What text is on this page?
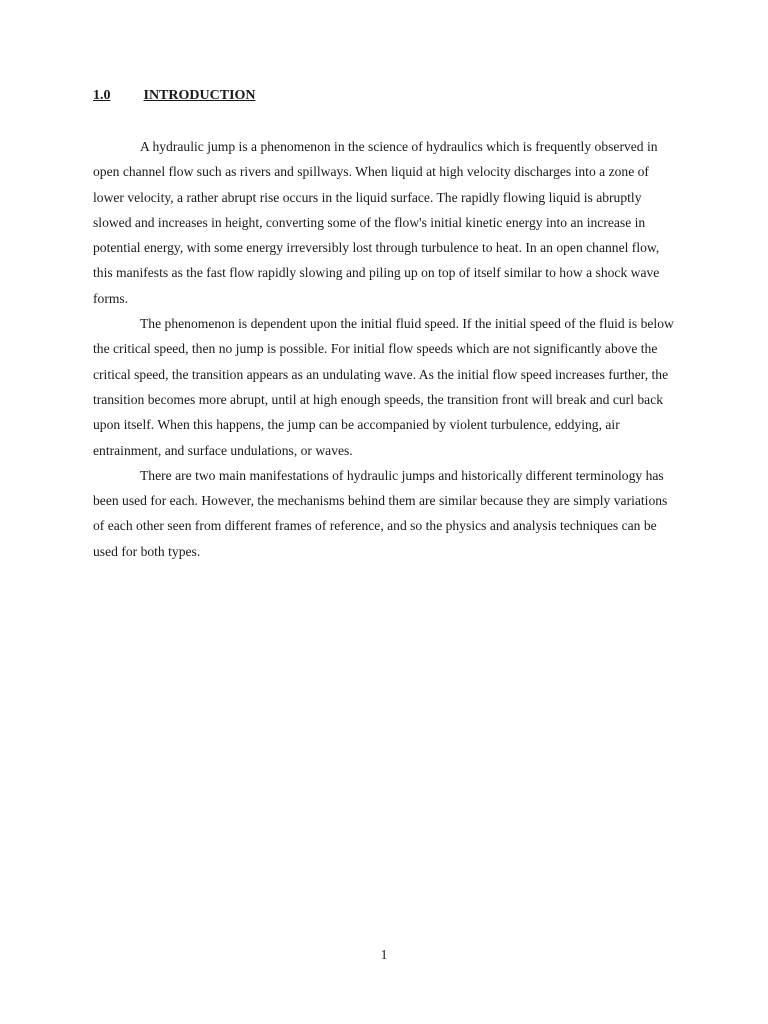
1.0 INTRODUCTION

A hydraulic jump is a phenomenon in the science of hydraulics which is frequently observed in open channel flow such as rivers and spillways. When liquid at high velocity discharges into a zone of lower velocity, a rather abrupt rise occurs in the liquid surface. The rapidly flowing liquid is abruptly slowed and increases in height, converting some of the flow's initial kinetic energy into an increase in potential energy, with some energy irreversibly lost through turbulence to heat. In an open channel flow, this manifests as the fast flow rapidly slowing and piling up on top of itself similar to how a shock wave forms.

The phenomenon is dependent upon the initial fluid speed. If the initial speed of the fluid is below the critical speed, then no jump is possible. For initial flow speeds which are not significantly above the critical speed, the transition appears as an undulating wave. As the initial flow speed increases further, the transition becomes more abrupt, until at high enough speeds, the transition front will break and curl back upon itself. When this happens, the jump can be accompanied by violent turbulence, eddying, air entrainment, and surface undulations, or waves.

There are two main manifestations of hydraulic jumps and historically different terminology has been used for each. However, the mechanisms behind them are similar because they are simply variations of each other seen from different frames of reference, and so the physics and analysis techniques can be used for both types.

1
